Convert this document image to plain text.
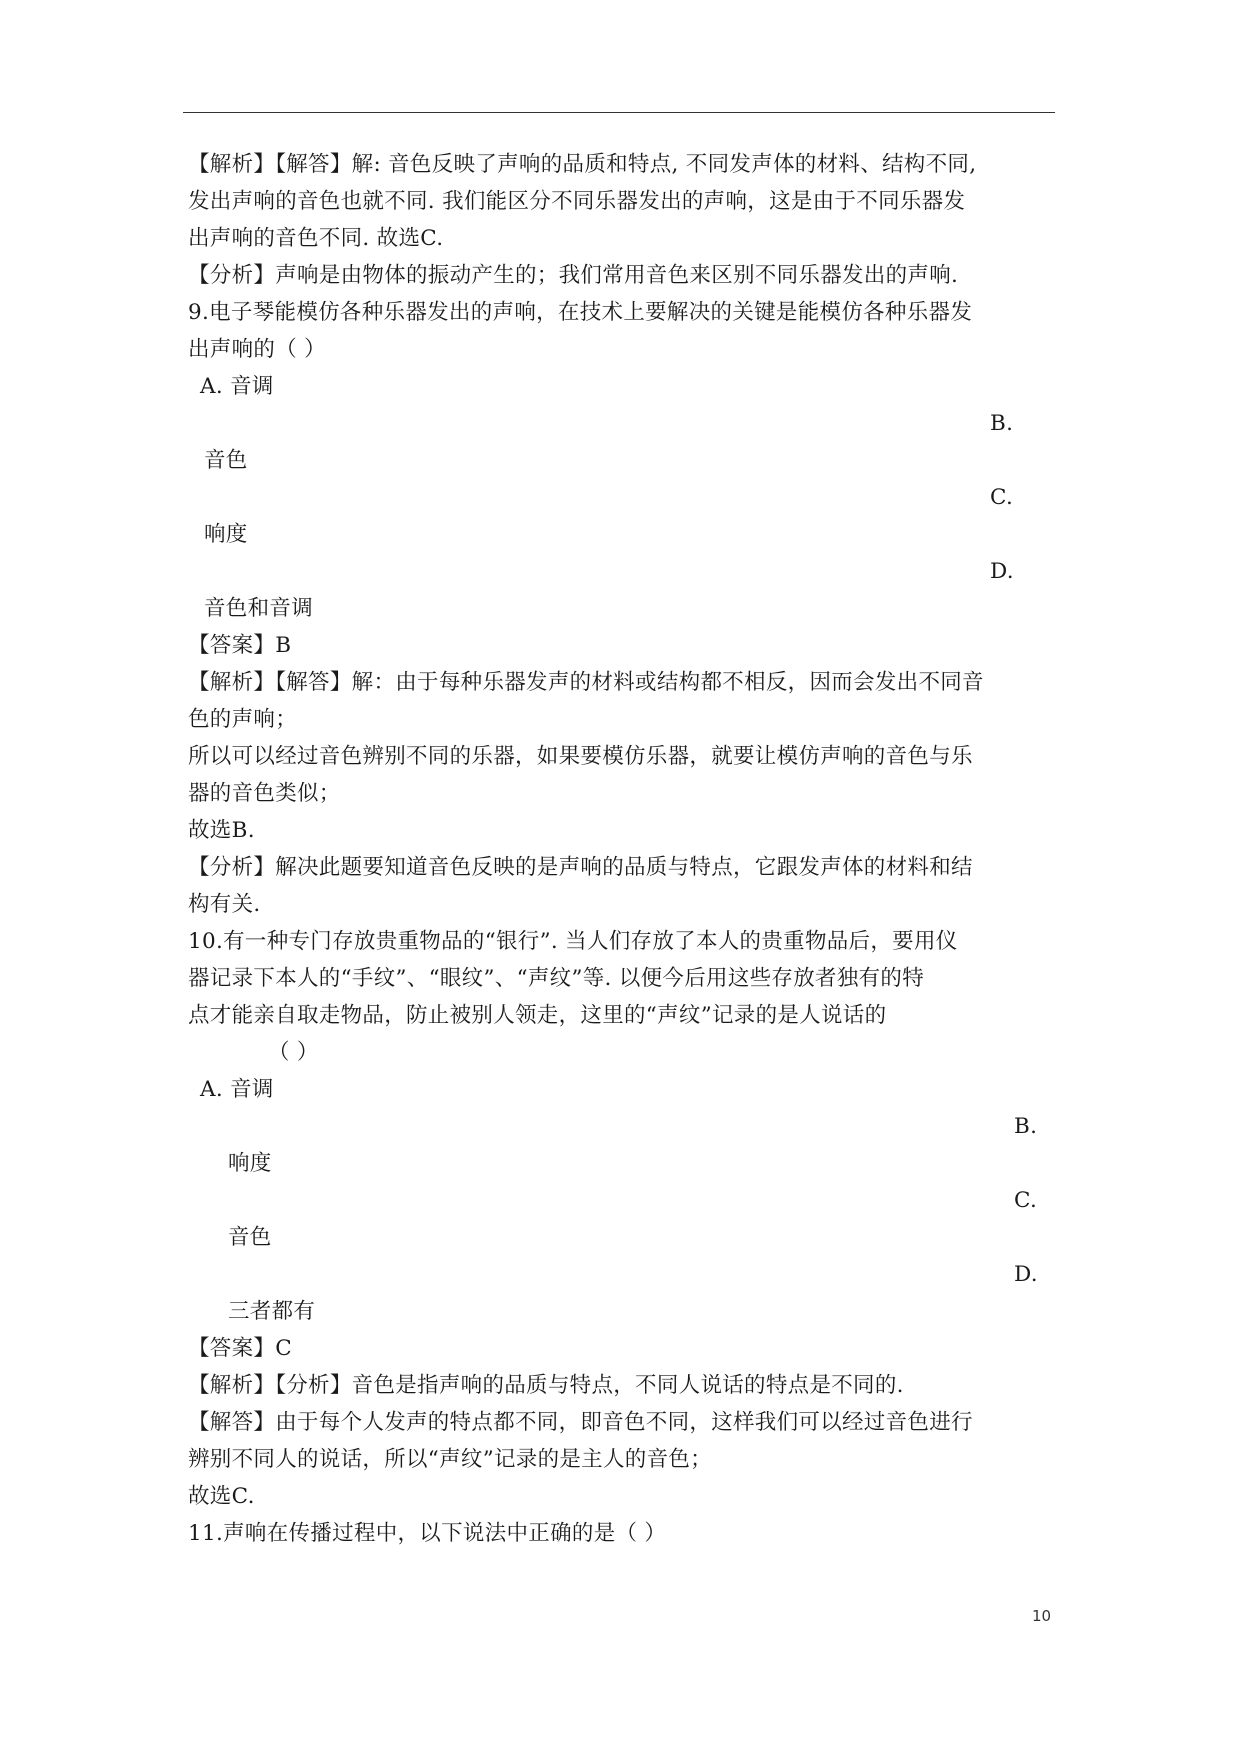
【解析】【解答】解: 音色反映了声响的品质和特点, 不同发声体的材料、结构不同,
发出声响的音色也就不同. 我们能区分不同乐器发出的声响，这是由于不同乐器发
出声响的音色不同. 故选C.
【分析】声响是由物体的振动产生的；我们常用音色来区别不同乐器发出的声响.
9.电子琴能模仿各种乐器发出的声响，在技术上要解决的关键是能模仿各种乐器发
出声响的（ ）
A. 音调
B.
音色
C.
响度
D.
音色和音调
【答案】B
【解析】【解答】解：由于每种乐器发声的材料或结构都不相反，因而会发出不同音
色的声响；
所以可以经过音色辨别不同的乐器，如果要模仿乐器，就要让模仿声响的音色与乐
器的音色类似；
故选B.
【分析】解决此题要知道音色反映的是声响的品质与特点，它跟发声体的材料和结
构有关.
10.有一种专门存放贵重物品的“银行”. 当人们存放了本人的贵重物品后，要用仪
器记录下本人的“手纹”、“眼纹”、“声纹”等. 以便今后用这些存放者独有的特
点才能亲自取走物品，防止被别人领走，这里的“声纹”记录的是人说话的
（ ）
A. 音调
B.
响度
C.
音色
D.
三者都有
【答案】C
【解析】【分析】音色是指声响的品质与特点，不同人说话的特点是不同的.
【解答】由于每个人发声的特点都不同，即音色不同，这样我们可以经过音色进行
辨别不同人的说话，所以“声纹”记录的是主人的音色；
故选C.
11.声响在传播过程中，以下说法中正确的是（ ）
10
